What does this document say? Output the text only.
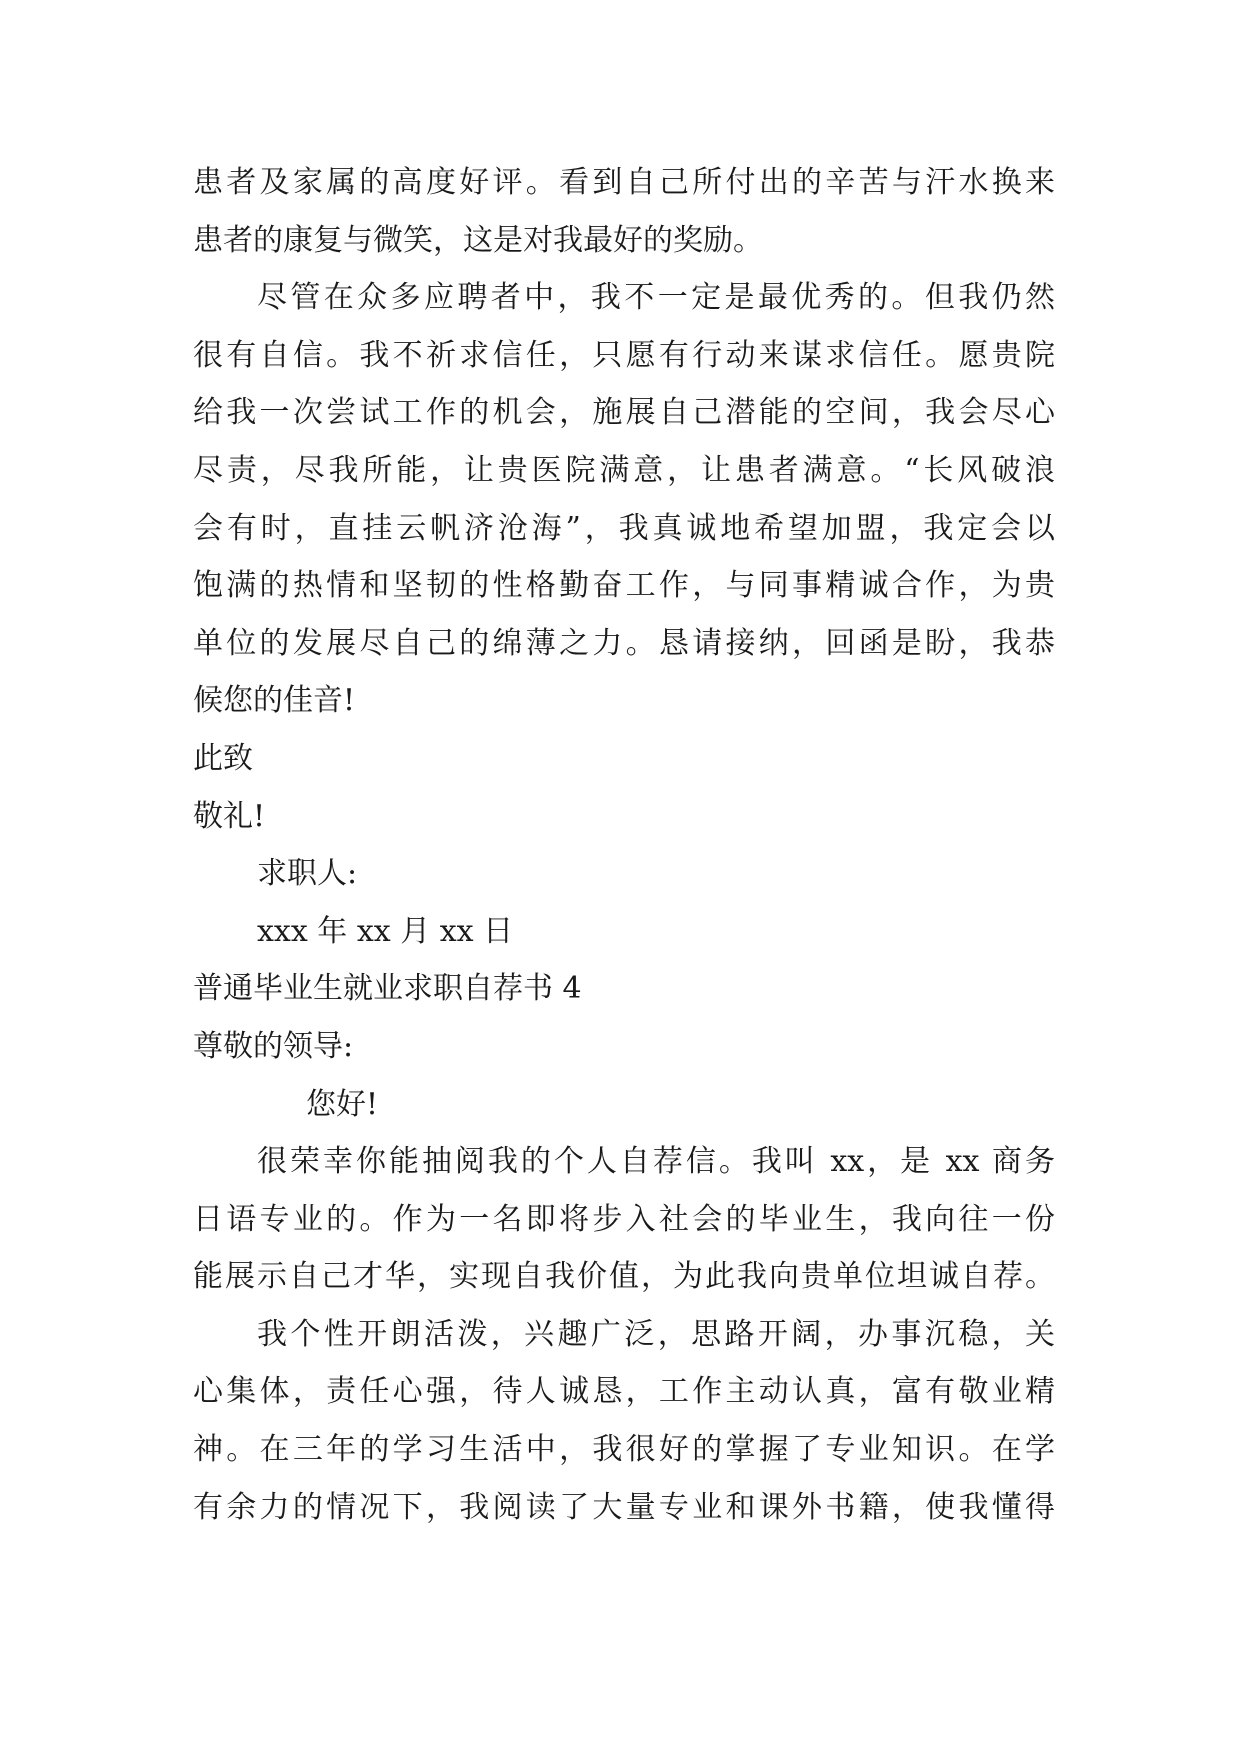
患者及家属的高度好评。看到自己所付出的辛苦与汗水换来
患者的康复与微笑，这是对我最好的奖励。
尽管在众多应聘者中，我不一定是最优秀的。但我仍然
很有自信。我不祈求信任，只愿有行动来谋求信任。愿贵院
给我一次尝试工作的机会，施展自己潜能的空间，我会尽心
尽责，尽我所能，让贵医院满意，让患者满意。“长风破浪
会有时，直挂云帆济沧海”，我真诚地希望加盟，我定会以
饱满的热情和坚韧的性格勤奋工作，与同事精诚合作，为贵
单位的发展尽自己的绵薄之力。恳请接纳，回函是盼，我恭
候您的佳音!
此致
敬礼!
求职人:
xxx 年 xx 月 xx 日
普通毕业生就业求职自荐书 4
尊敬的领导:
您好!
很荣幸你能抽阅我的个人自荐信。我叫 xx，是 xx 商务
日语专业的。作为一名即将步入社会的毕业生，我向往一份
能展示自己才华，实现自我价值，为此我向贵单位坦诚自荐。
我个性开朗活泼，兴趣广泛，思路开阔，办事沉稳，关
心集体，责任心强，待人诚恳，工作主动认真，富有敬业精
神。在三年的学习生活中，我很好的掌握了专业知识。在学
有余力的情况下，我阅读了大量专业和课外书籍，使我懂得
